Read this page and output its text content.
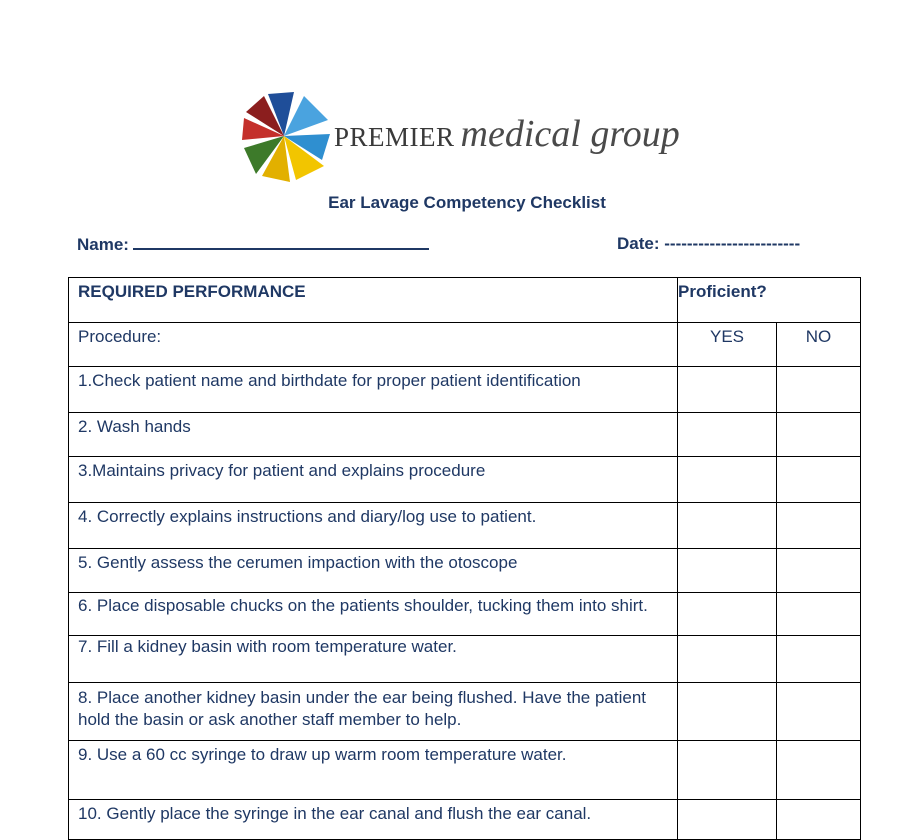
PREMIER medical group
Ear Lavage Competency Checklist
Name:	Date: ------------------------
REQUIRED PERFORMANCE	Proficient?	
Procedure:	YES	NO
1.Check patient name and birthdate for proper patient identification		
2. Wash hands		
3.Maintains privacy for patient and explains procedure		
4. Correctly explains instructions and diary/log use to patient.		
5. Gently assess the cerumen impaction with the otoscope		
6. Place disposable chucks on the patients shoulder, tucking them into shirt.		
7. Fill a kidney basin with room temperature water.		
8. Place another kidney basin under the ear being flushed. Have the patient hold the basin or ask another staff member to help.		
9. Use a 60 cc syringe to draw up warm room temperature water.		
10. Gently place the syringe in the ear canal and flush the ear canal.		
